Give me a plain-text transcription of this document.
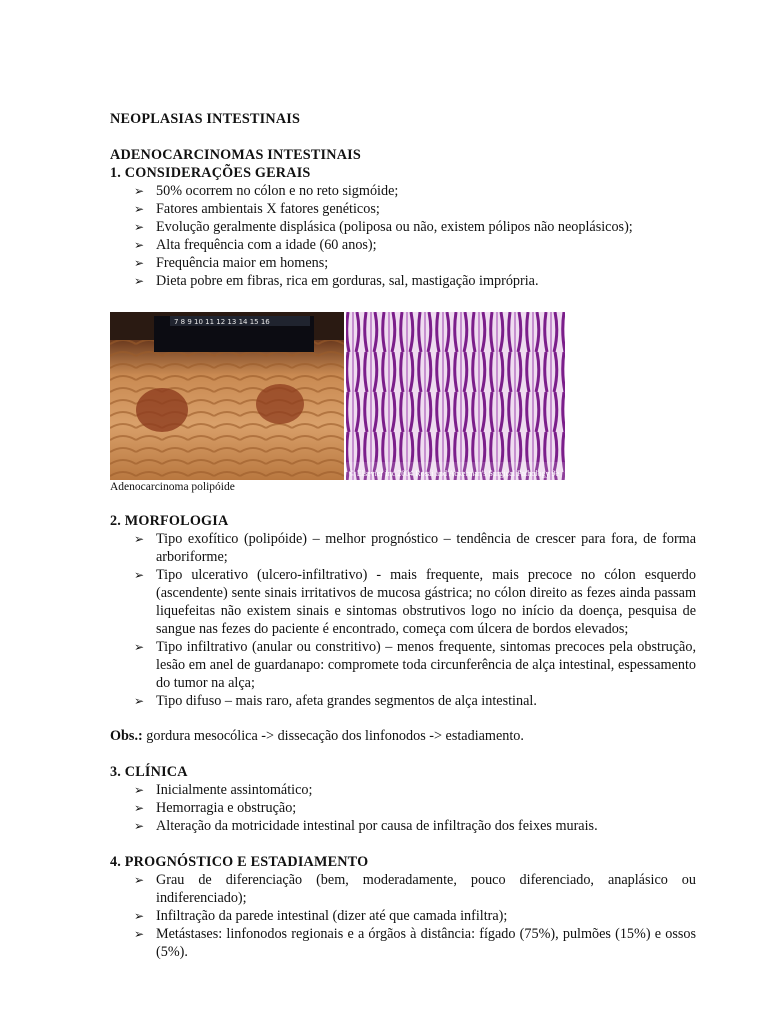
NEOPLASIAS INTESTINAIS
ADENOCARCINOMAS INTESTINAIS
1. CONSIDERAÇÕES GERAIS
➢ 50% ocorrem no cólon e no reto sigmóide;
➢ Fatores ambientais X fatores genéticos;
➢ Evolução geralmente displásica (poliposa ou não, existem pólipos não neoplásicos);
➢ Alta frequência com a idade (60 anos);
➢ Frequência maior em homens;
➢ Dieta pobre em fibras, rica em gorduras, sal, mastigação imprópria.
7 8 9 10 11 12 13 14 15 16
© Elsevier Inc 2004 Rosai and Ackerman's Surgical Pathology 9e
Adenocarcinoma polipóide
2. MORFOLOGIA
➢ Tipo exofítico (polipóide) – melhor prognóstico – tendência de crescer para fora, de forma arboriforme;
➢ Tipo ulcerativo (ulcero-infiltrativo) - mais frequente, mais precoce no cólon esquerdo (ascendente) sente sinais irritativos de mucosa gástrica; no cólon direito as fezes ainda passam liquefeitas não existem sinais e sintomas obstrutivos logo no início da doença, pesquisa de sangue nas fezes do paciente é encontrado, começa com úlcera de bordos elevados;
➢ Tipo infiltrativo (anular ou constritivo) – menos frequente, sintomas precoces pela obstrução, lesão em anel de guardanapo: compromete toda circunferência de alça intestinal, espessamento do tumor na alça;
➢ Tipo difuso – mais raro, afeta grandes segmentos de alça intestinal.
Obs.: gordura mesocólica -> dissecação dos linfonodos -> estadiamento.
3. CLÍNICA
➢ Inicialmente assintomático;
➢ Hemorragia e obstrução;
➢ Alteração da motricidade intestinal por causa de infiltração dos feixes murais.
4. PROGNÓSTICO E ESTADIAMENTO
➢ Grau de diferenciação (bem, moderadamente, pouco diferenciado, anaplásico ou indiferenciado);
➢ Infiltração da parede intestinal (dizer até que camada infiltra);
➢ Metástases: linfonodos regionais e a órgãos à distância: fígado (75%), pulmões (15%) e ossos (5%).
